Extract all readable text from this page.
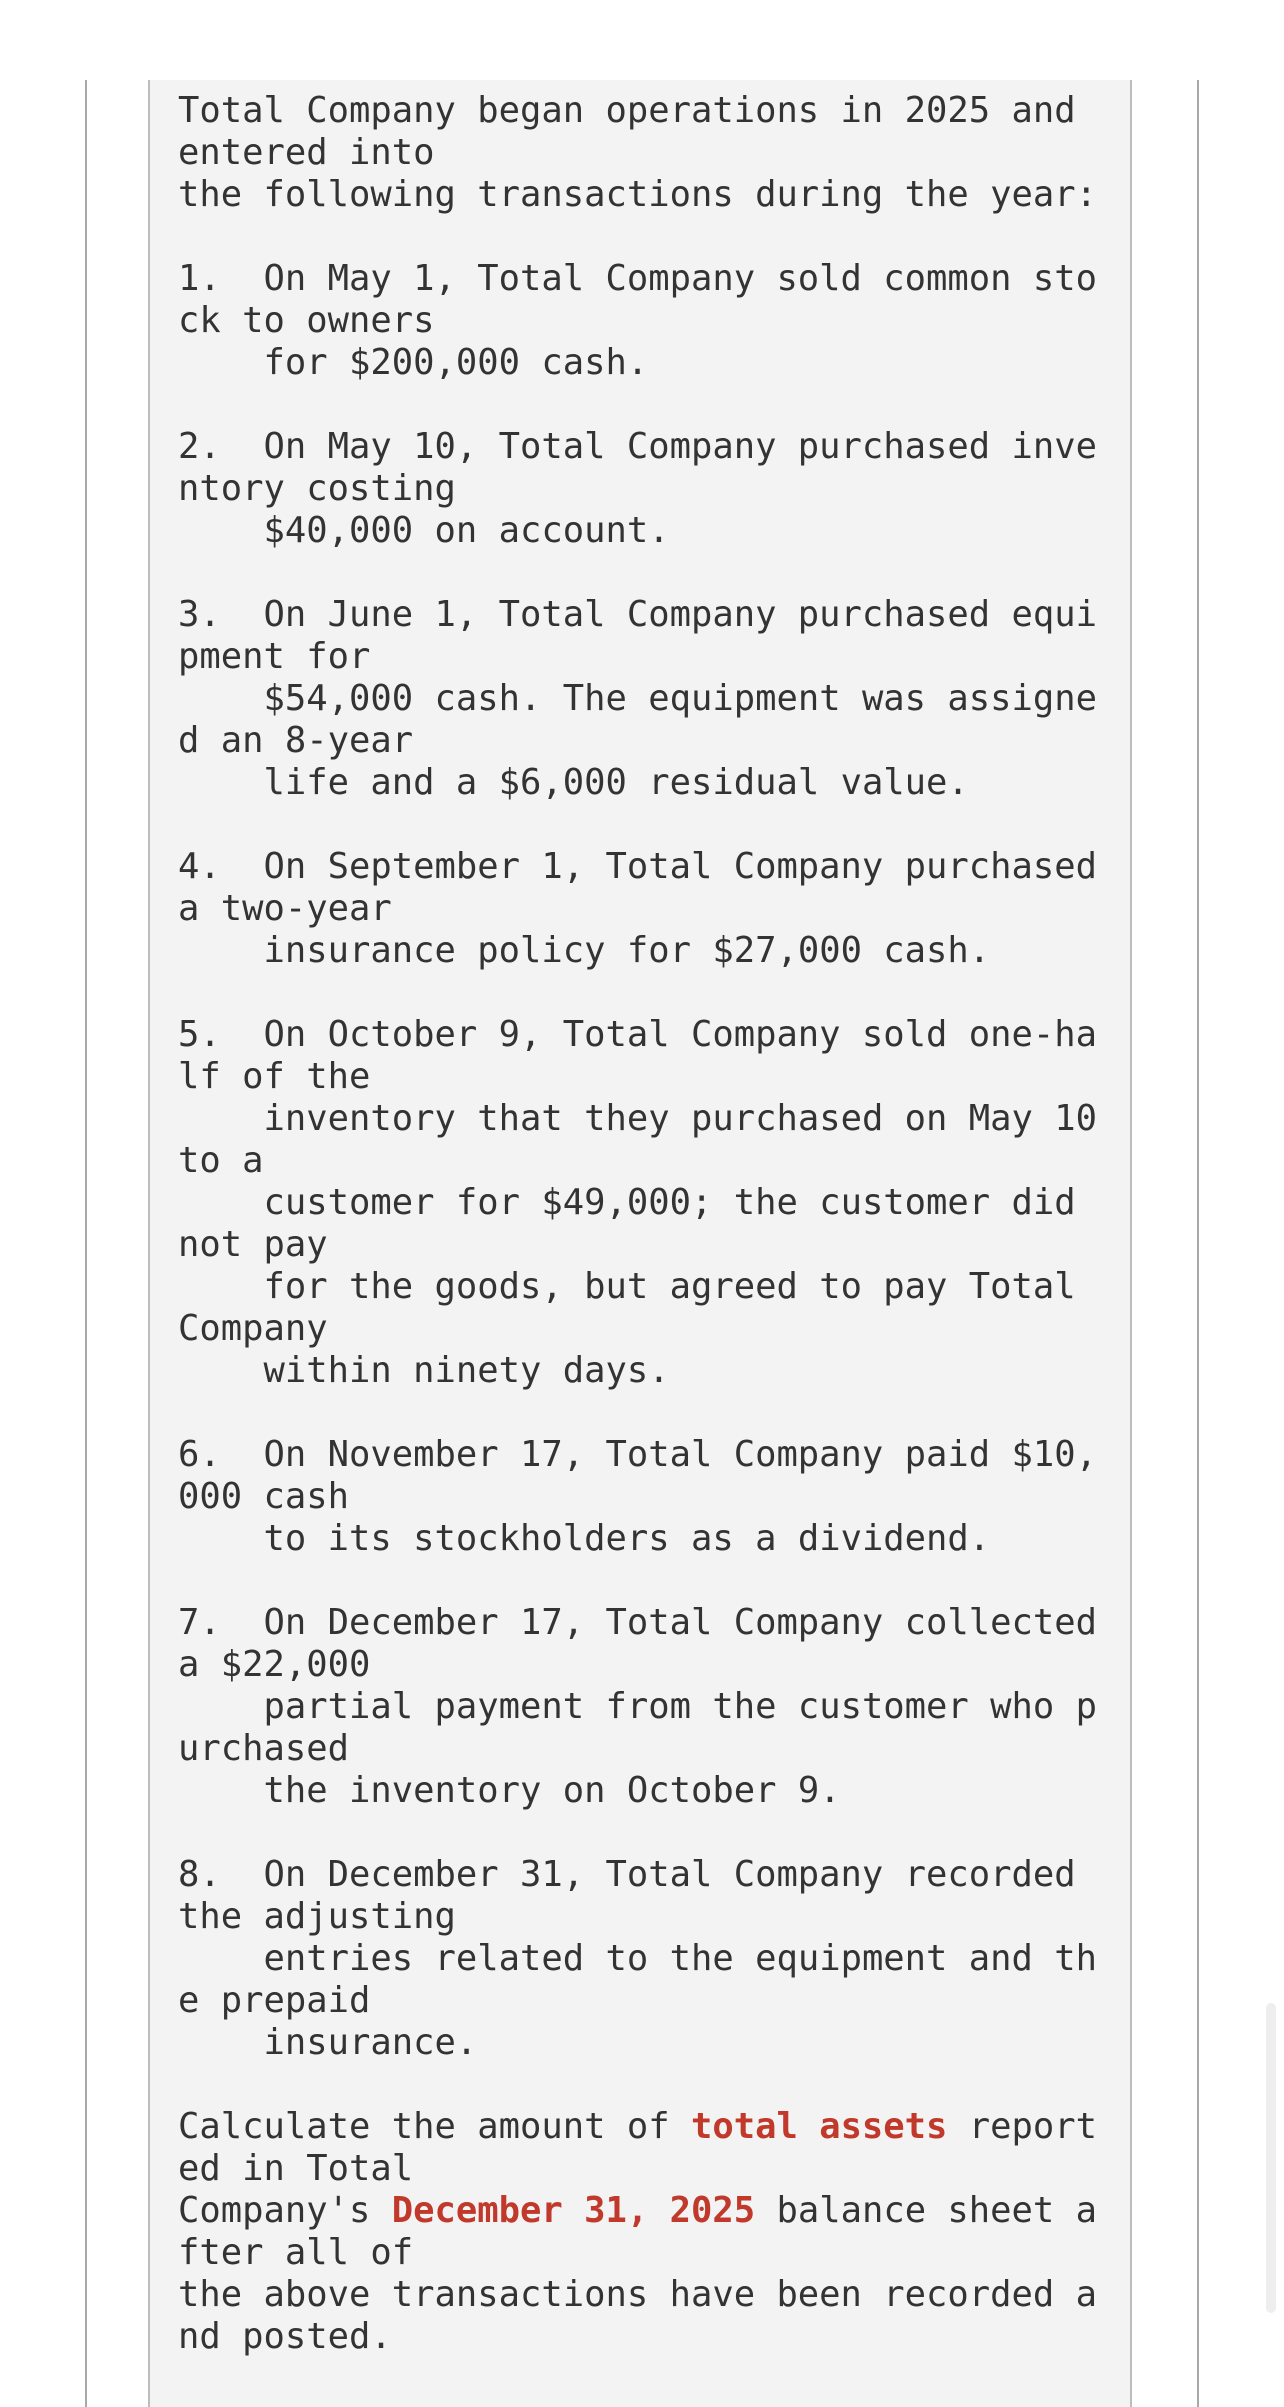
Total Company began operations in 2025 and entered into
the following transactions during the year:

1.  On May 1, Total Company sold common stock to owners
for $200,000 cash.

2.  On May 10, Total Company purchased inventory costing
$40,000 on account.

3.  On June 1, Total Company purchased equipment for
$54,000 cash. The equipment was assigned an 8-year
life and a $6,000 residual value.

4.  On September 1, Total Company purchased a two-year
insurance policy for $27,000 cash.

5.  On October 9, Total Company sold one-half of the
inventory that they purchased on May 10 to a
customer for $49,000; the customer did not pay
for the goods, but agreed to pay Total Company
within ninety days.

6.  On November 17, Total Company paid $10,000 cash
to its stockholders as a dividend.

7.  On December 17, Total Company collected a $22,000
partial payment from the customer who purchased
the inventory on October 9.

8.  On December 31, Total Company recorded the adjusting
entries related to the equipment and the prepaid
insurance.

Calculate the amount of total assets reported in Total
Company's December 31, 2025 balance sheet after all of
the above transactions have been recorded and posted.
